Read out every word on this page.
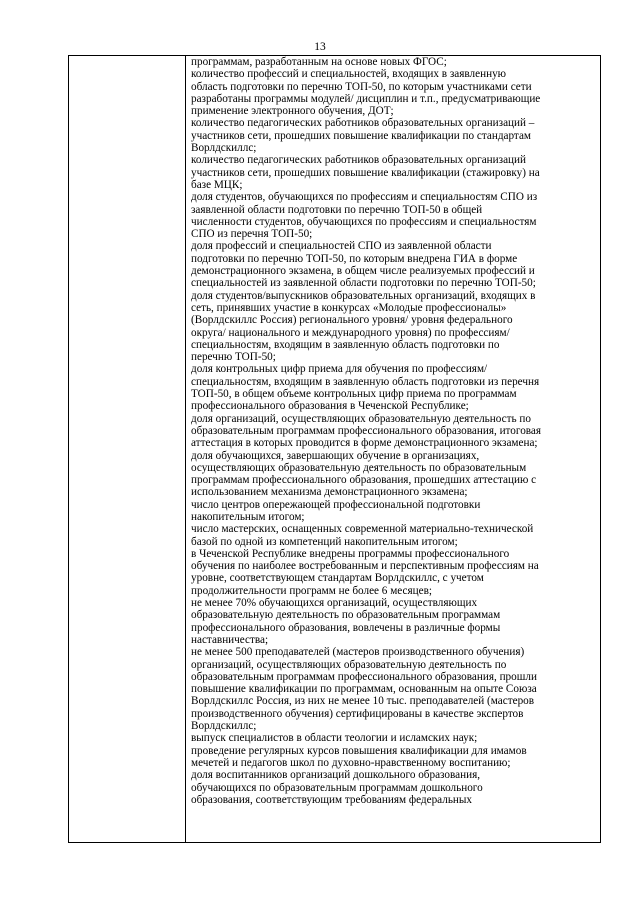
13
программам, разработанным на основе новых ФГОС;
количество профессий и специальностей, входящих в заявленную
область подготовки по перечню ТОП-50, по которым участниками сети
разработаны программы модулей/ дисциплин и т.п., предусматривающие
применение электронного обучения, ДОТ;
количество педагогических работников образовательных организаций –
участников сети, прошедших повышение квалификации по стандартам
Ворлдскиллс;
количество педагогических работников образовательных организаций
участников сети, прошедших повышение квалификации (стажировку) на
базе МЦК;
доля студентов, обучающихся по профессиям и специальностям СПО из
заявленной области подготовки по перечню ТОП-50 в общей
численности студентов, обучающихся по профессиям и специальностям
СПО из перечня ТОП-50;
доля профессий и специальностей СПО из заявленной области
подготовки по перечню ТОП-50, по которым внедрена ГИА в форме
демонстрационного экзамена, в общем числе реализуемых профессий и
специальностей из заявленной области подготовки по перечню ТОП-50;
доля студентов/выпускников образовательных организаций, входящих в
сеть, принявших участие в конкурсах «Молодые профессионалы»
(Ворлдскиллс Россия) регионального уровня/ уровня федерального
округа/ национального и международного уровня) по профессиям/
специальностям, входящим в заявленную область подготовки по
перечню ТОП-50;
доля контрольных цифр приема для обучения по профессиям/
специальностям, входящим в заявленную область подготовки из перечня
ТОП-50, в общем объеме контрольных цифр приема по программам
профессионального образования в Чеченской Республике;
доля организаций, осуществляющих образовательную деятельность по
образовательным программам профессионального образования, итоговая
аттестация в которых проводится в форме демонстрационного экзамена;
доля обучающихся, завершающих обучение в организациях,
осуществляющих образовательную деятельность по образовательным
программам профессионального образования, прошедших аттестацию с
использованием механизма демонстрационного экзамена;
число центров опережающей профессиональной подготовки
накопительным итогом;
число мастерских, оснащенных современной материально-технической
базой по одной из компетенций накопительным итогом;
в Чеченской Республике внедрены программы профессионального
обучения по наиболее востребованным и перспективным профессиям на
уровне, соответствующем стандартам Ворлдскиллс, с учетом
продолжительности программ не более 6 месяцев;
не менее 70% обучающихся организаций, осуществляющих
образовательную деятельность по образовательным программам
профессионального образования, вовлечены в различные формы
наставничества;
не менее 500 преподавателей (мастеров производственного обучения)
организаций, осуществляющих образовательную деятельность по
образовательным программам профессионального образования, прошли
повышение квалификации по программам, основанным на опыте Союза
Ворлдскиллс Россия, из них не менее 10 тыс. преподавателей (мастеров
производственного обучения) сертифицированы в качестве экспертов
Ворлдскиллс;
выпуск специалистов в области теологии и исламских наук;
проведение регулярных курсов повышения квалификации для имамов
мечетей и педагогов школ по духовно-нравственному воспитанию;
доля воспитанников организаций дошкольного образования,
обучающихся по образовательным программам дошкольного
образования, соответствующим требованиям федеральных
